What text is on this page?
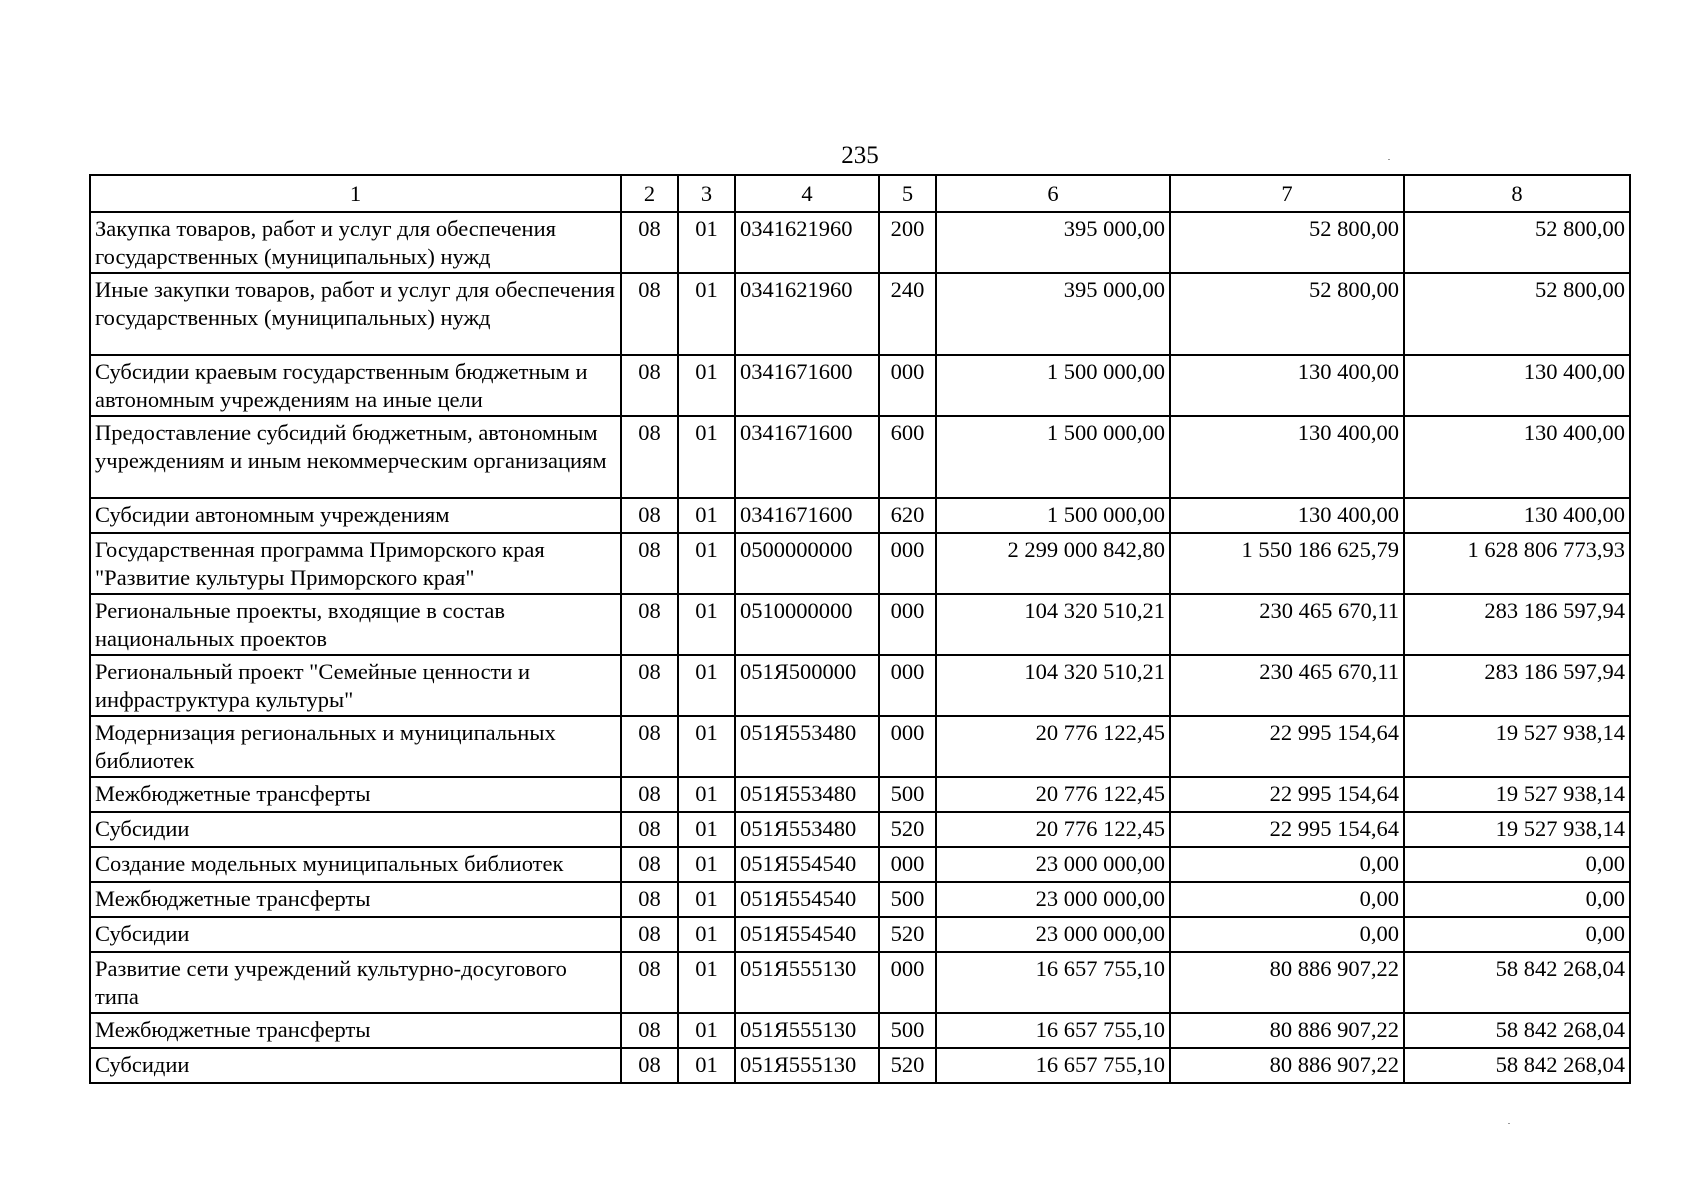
235
1	2	3	4	5	6	7	8
Закупка товаров, работ и услуг для обеспечения государственных (муниципальных) нужд	08	01	0341621960	200	395 000,00	52 800,00	52 800,00
Иные закупки товаров, работ и услуг для обеспечения государственных (муниципальных) нужд	08	01	0341621960	240	395 000,00	52 800,00	52 800,00
Субсидии краевым государственным бюджетным и автономным учреждениям на иные цели	08	01	0341671600	000	1 500 000,00	130 400,00	130 400,00
Предоставление субсидий бюджетным, автономным учреждениям и иным некоммерческим организациям	08	01	0341671600	600	1 500 000,00	130 400,00	130 400,00
Субсидии автономным учреждениям	08	01	0341671600	620	1 500 000,00	130 400,00	130 400,00
Государственная программа Приморского края "Развитие культуры Приморского края"	08	01	0500000000	000	2 299 000 842,80	1 550 186 625,79	1 628 806 773,93
Региональные проекты, входящие в состав национальных проектов	08	01	0510000000	000	104 320 510,21	230 465 670,11	283 186 597,94
Региональный проект "Семейные ценности и инфраструктура культуры"	08	01	051Я500000	000	104 320 510,21	230 465 670,11	283 186 597,94
Модернизация региональных и муниципальных библиотек	08	01	051Я553480	000	20 776 122,45	22 995 154,64	19 527 938,14
Межбюджетные трансферты	08	01	051Я553480	500	20 776 122,45	22 995 154,64	19 527 938,14
Субсидии	08	01	051Я553480	520	20 776 122,45	22 995 154,64	19 527 938,14
Создание модельных муниципальных библиотек	08	01	051Я554540	000	23 000 000,00	0,00	0,00
Межбюджетные трансферты	08	01	051Я554540	500	23 000 000,00	0,00	0,00
Субсидии	08	01	051Я554540	520	23 000 000,00	0,00	0,00
Развитие сети учреждений культурно-досугового типа	08	01	051Я555130	000	16 657 755,10	80 886 907,22	58 842 268,04
Межбюджетные трансферты	08	01	051Я555130	500	16 657 755,10	80 886 907,22	58 842 268,04
Субсидии	08	01	051Я555130	520	16 657 755,10	80 886 907,22	58 842 268,04
